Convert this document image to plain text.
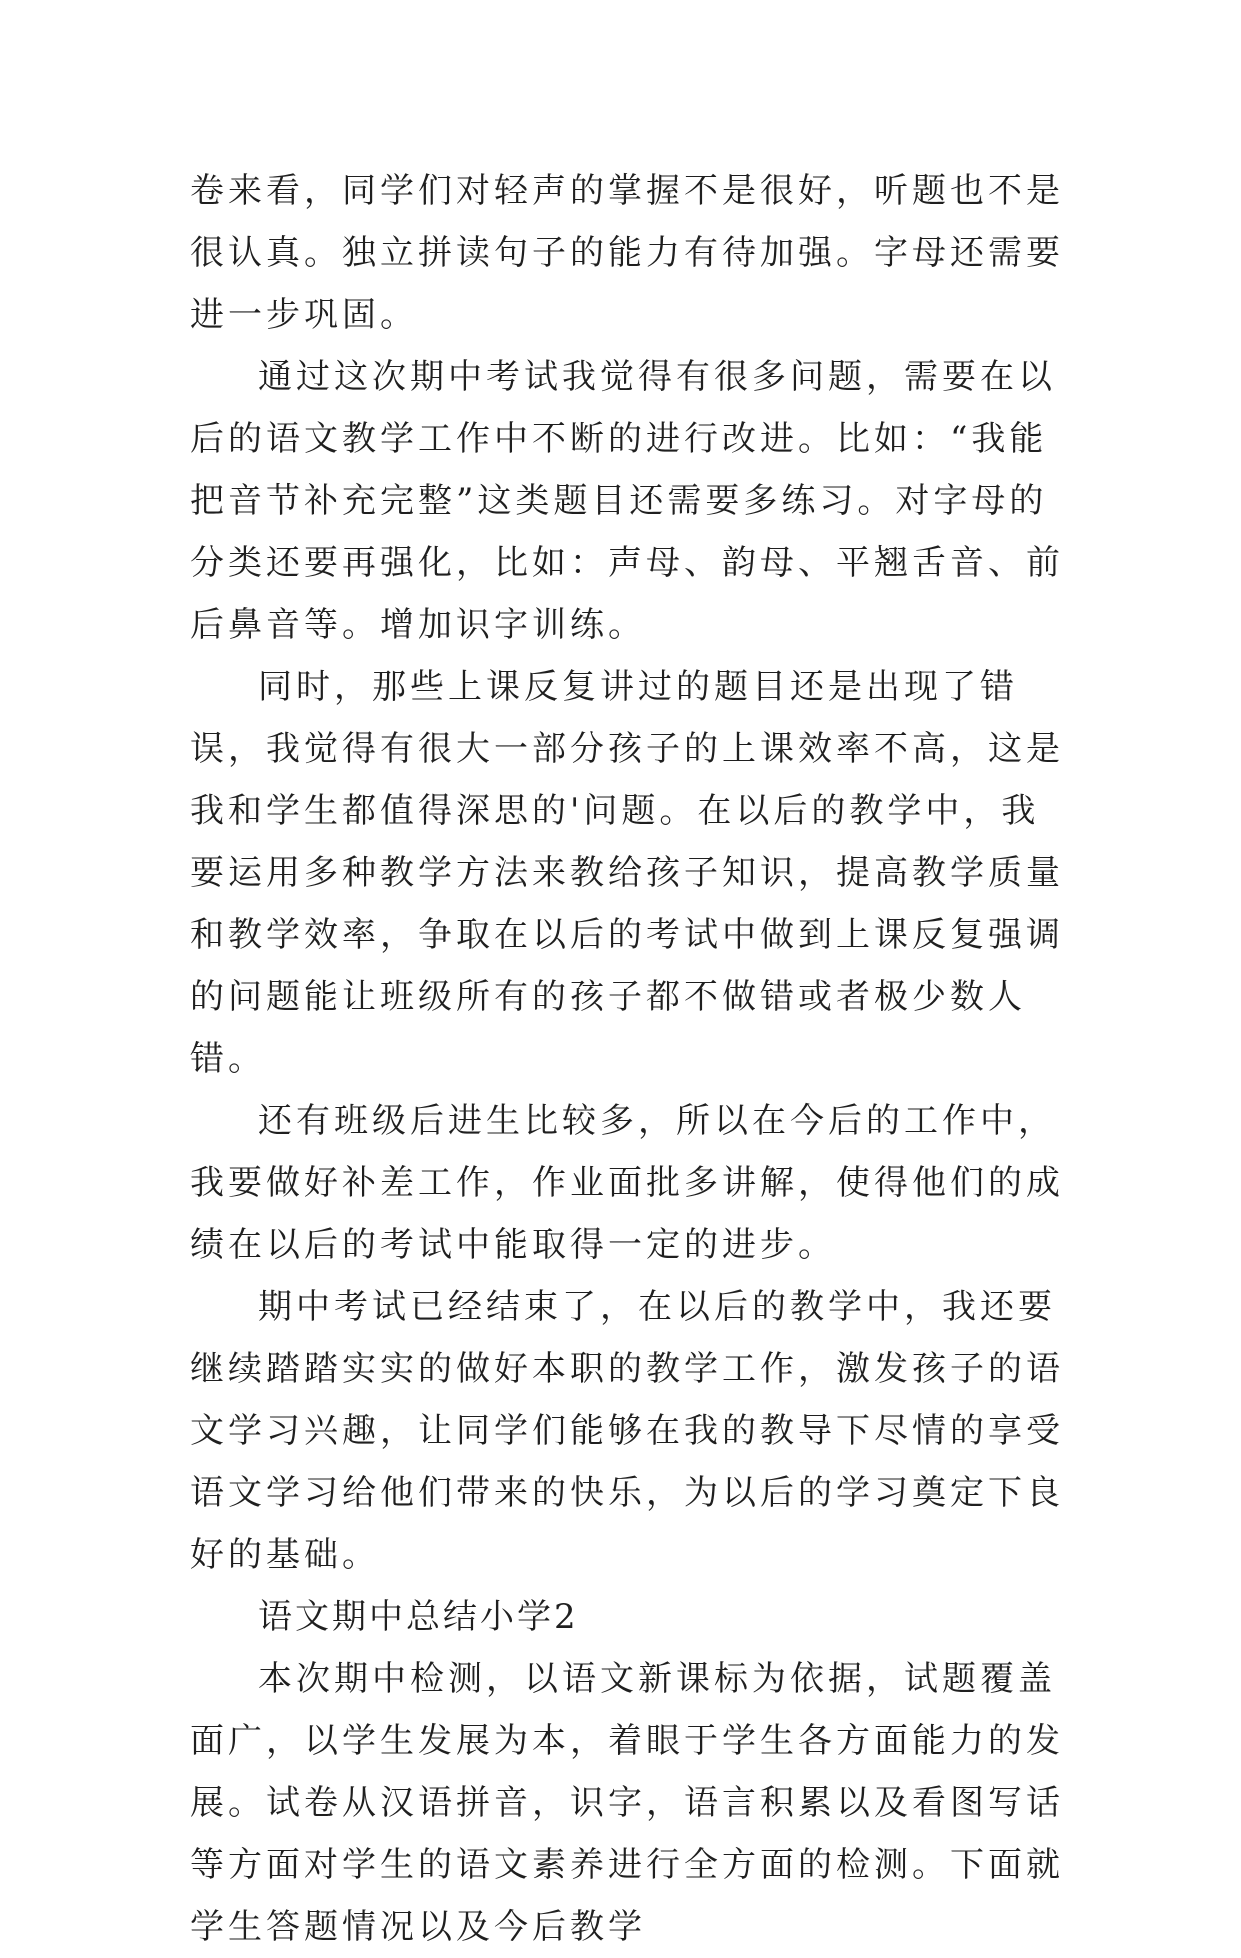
卷来看，同学们对轻声的掌握不是很好，听题也不是很认真。独立拼读句子的能力有待加强。字母还需要进一步巩固。

通过这次期中考试我觉得有很多问题，需要在以后的语文教学工作中不断的进行改进。比如：“我能把音节补充完整”这类题目还需要多练习。对字母的分类还要再强化，比如：声母、韵母、平翘舌音、前后鼻音等。增加识字训练。

同时，那些上课反复讲过的题目还是出现了错误，我觉得有很大一部分孩子的上课效率不高，这是我和学生都值得深思的'问题。在以后的教学中，我要运用多种教学方法来教给孩子知识，提高教学质量和教学效率，争取在以后的考试中做到上课反复强调的问题能让班级所有的孩子都不做错或者极少数人错。

还有班级后进生比较多，所以在今后的工作中，我要做好补差工作，作业面批多讲解，使得他们的成绩在以后的考试中能取得一定的进步。

期中考试已经结束了，在以后的教学中，我还要继续踏踏实实的做好本职的教学工作，激发孩子的语文学习兴趣，让同学们能够在我的教导下尽情的享受语文学习给他们带来的快乐，为以后的学习奠定下良好的基础。

语文期中总结小学2

本次期中检测，以语文新课标为依据，试题覆盖面广，以学生发展为本，着眼于学生各方面能力的发展。试卷从汉语拼音，识字，语言积累以及看图写话等方面对学生的语文素养进行全方面的检测。下面就学生答题情况以及今后教学
